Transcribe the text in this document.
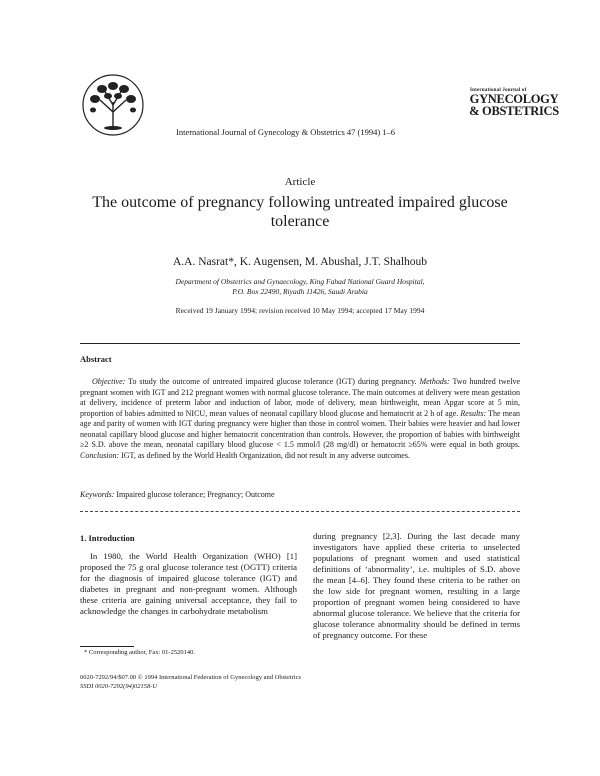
International Journal of Gynecology & Obstetrics 47 (1994) 1–6
International Journal of
GYNECOLOGY
& OBSTETRICS
Article
The outcome of pregnancy following untreated impaired glucose tolerance
A.A. Nasrat*, K. Augensen, M. Abushal, J.T. Shalhoub
Department of Obstetrics and Gynaecology, King Fahad National Guard Hospital,
P.O. Box 22490, Riyadh 11426, Saudi Arabia
Received 19 January 1994; revision received 10 May 1994; accepted 17 May 1994
Abstract
Objective: To study the outcome of untreated impaired glucose tolerance (IGT) during pregnancy. Methods: Two hundred twelve pregnant women with IGT and 212 pregnant women with normal glucose tolerance. The main outcomes at delivery were mean gestation at delivery, incidence of preterm labor and induction of labor, mode of delivery, mean birthweight, mean Apgar score at 5 min, proportion of babies admitted to NICU, mean values of neonatal capillary blood glucose and hematocrit at 2 h of age. Results: The mean age and parity of women with IGT during pregnancy were higher than those in control women. Their babies were heavier and had lower neonatal capillary blood glucose and higher hematocrit concentration than controls. However, the proportion of babies with birthweight ≥2 S.D. above the mean, neonatal capillary blood glucose < 1.5 mmol/l (28 mg/dl) or hematocrit ≥65% were equal in both groups. Conclusion: IGT, as defined by the World Health Organization, did not result in any adverse outcomes.
Keywords: Impaired glucose tolerance; Pregnancy; Outcome
1. Introduction
In 1980, the World Health Organization (WHO) [1] proposed the 75 g oral glucose tolerance test (OGTT) criteria for the diagnosis of impaired glucose tolerance (IGT) and diabetes in pregnant and non-pregnant women. Although these criteria are gaining universal acceptance, they fail to acknowledge the changes in carbohydrate metabolism
during pregnancy [2,3]. During the last decade many investigators have applied these criteria to unselected populations of pregnant women and used statistical definitions of ‘abnormality’, i.e. multiples of S.D. above the mean [4–6]. They found these criteria to be rather on the low side for pregnant women, resulting in a large proportion of pregnant women being considered to have abnormal glucose tolerance. We believe that the criteria for glucose tolerance abnormality should be defined in terms of pregnancy outcome. For these
* Corresponding author, Fax: 01-2520140.
0020-7292/94/$07.00 © 1994 International Federation of Gynecology and Obstetrics
SSDI 0020-7292(94)02158-U
